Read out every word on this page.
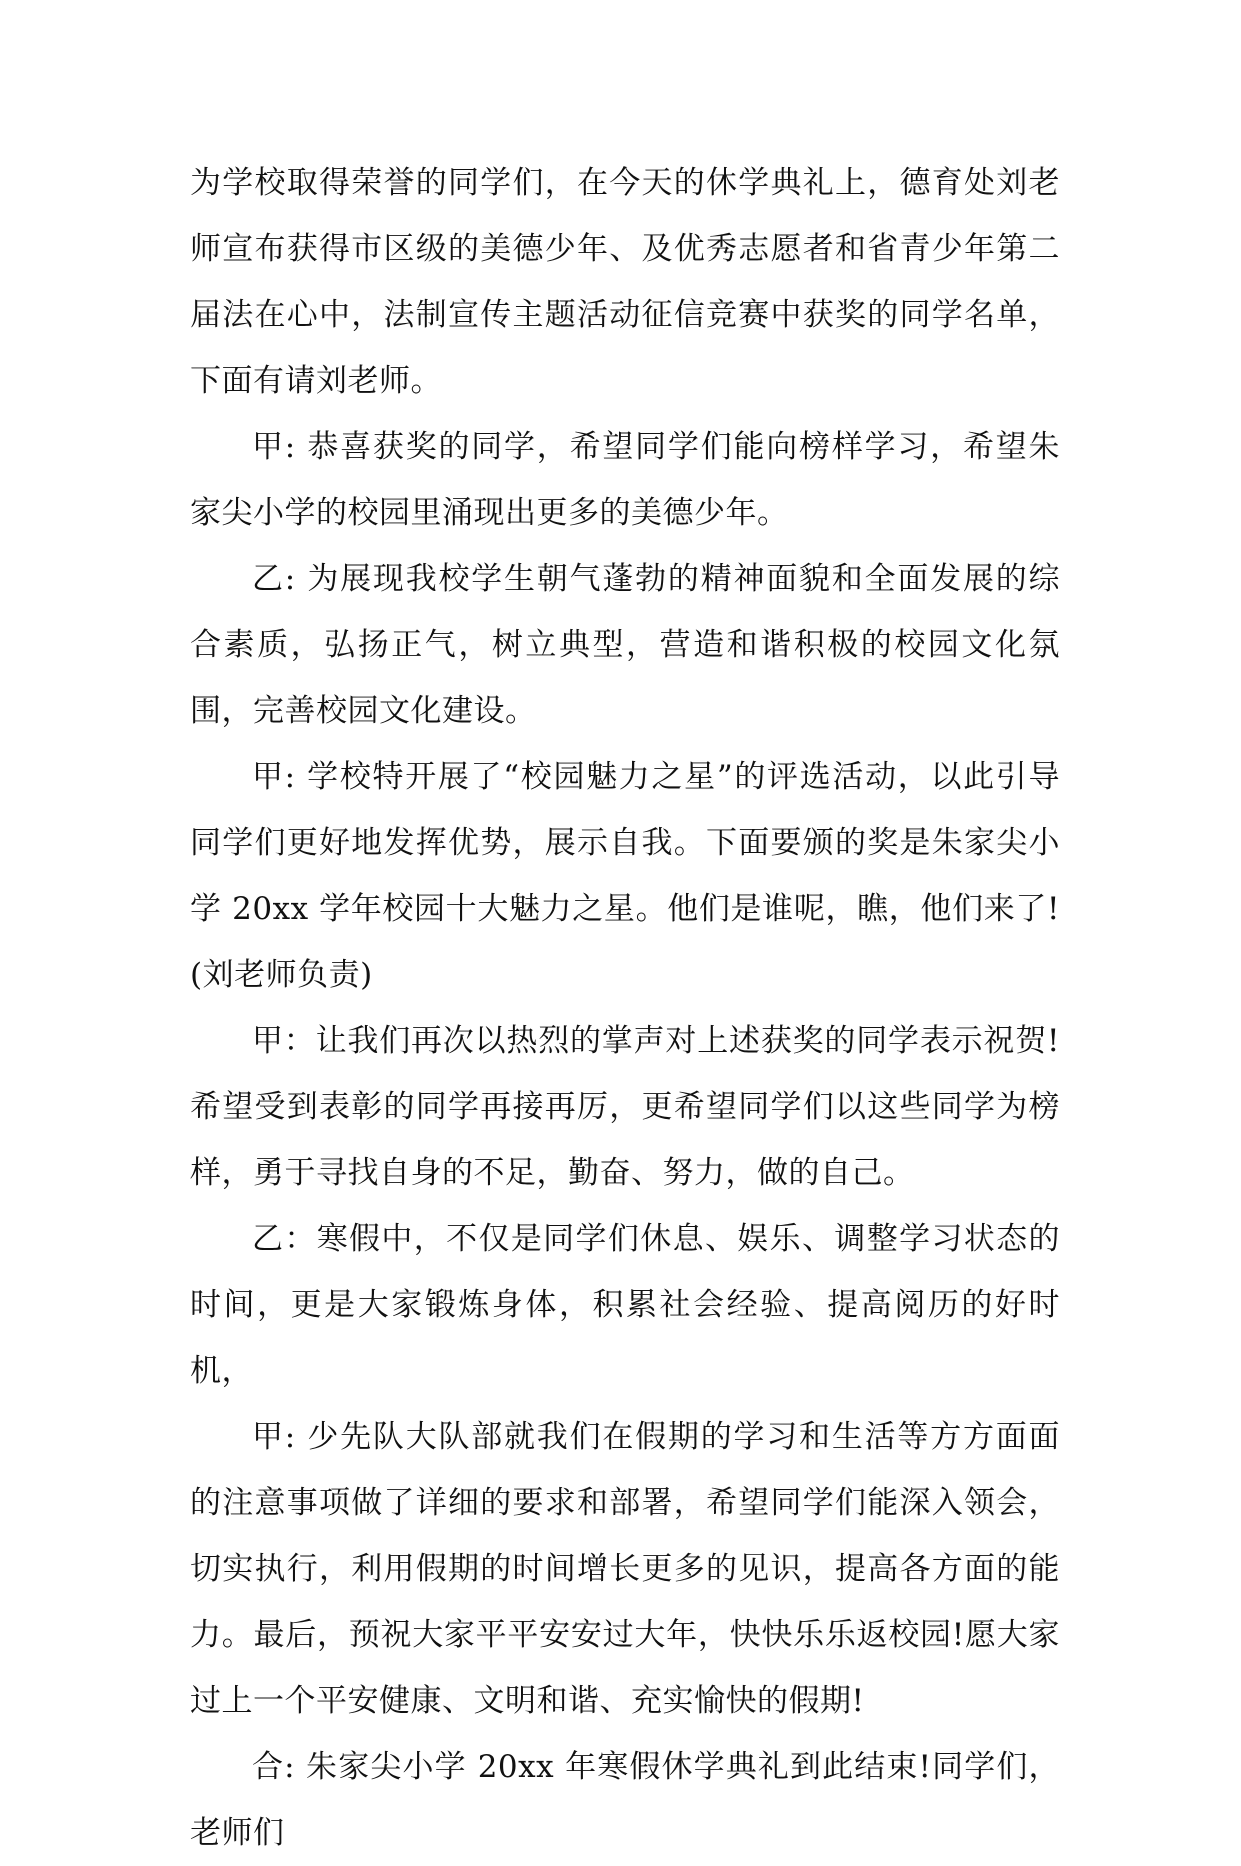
为学校取得荣誉的同学们，在今天的休学典礼上，德育处刘老师宣布获得市区级的美德少年、及优秀志愿者和省青少年第二届法在心中，法制宣传主题活动征信竞赛中获奖的同学名单，下面有请刘老师。

甲: 恭喜获奖的同学，希望同学们能向榜样学习，希望朱家尖小学的校园里涌现出更多的美德少年。

乙: 为展现我校学生朝气蓬勃的精神面貌和全面发展的综合素质，弘扬正气，树立典型，营造和谐积极的校园文化氛围，完善校园文化建设。

甲: 学校特开展了“校园魅力之星”的评选活动，以此引导同学们更好地发挥优势，展示自我。下面要颁的奖是朱家尖小学 20xx 学年校园十大魅力之星。他们是谁呢，瞧，他们来了!(刘老师负责)

甲：让我们再次以热烈的掌声对上述获奖的同学表示祝贺!希望受到表彰的同学再接再厉，更希望同学们以这些同学为榜样，勇于寻找自身的不足，勤奋、努力，做的自己。

乙：寒假中，不仅是同学们休息、娱乐、调整学习状态的时间，更是大家锻炼身体，积累社会经验、提高阅历的好时机，

甲: 少先队大队部就我们在假期的学习和生活等方方面面的注意事项做了详细的要求和部署，希望同学们能深入领会，切实执行，利用假期的时间增长更多的见识，提高各方面的能力。最后，预祝大家平平安安过大年，快快乐乐返校园!愿大家过上一个平安健康、文明和谐、充实愉快的假期!

合: 朱家尖小学 20xx 年寒假休学典礼到此结束!同学们，老师们
